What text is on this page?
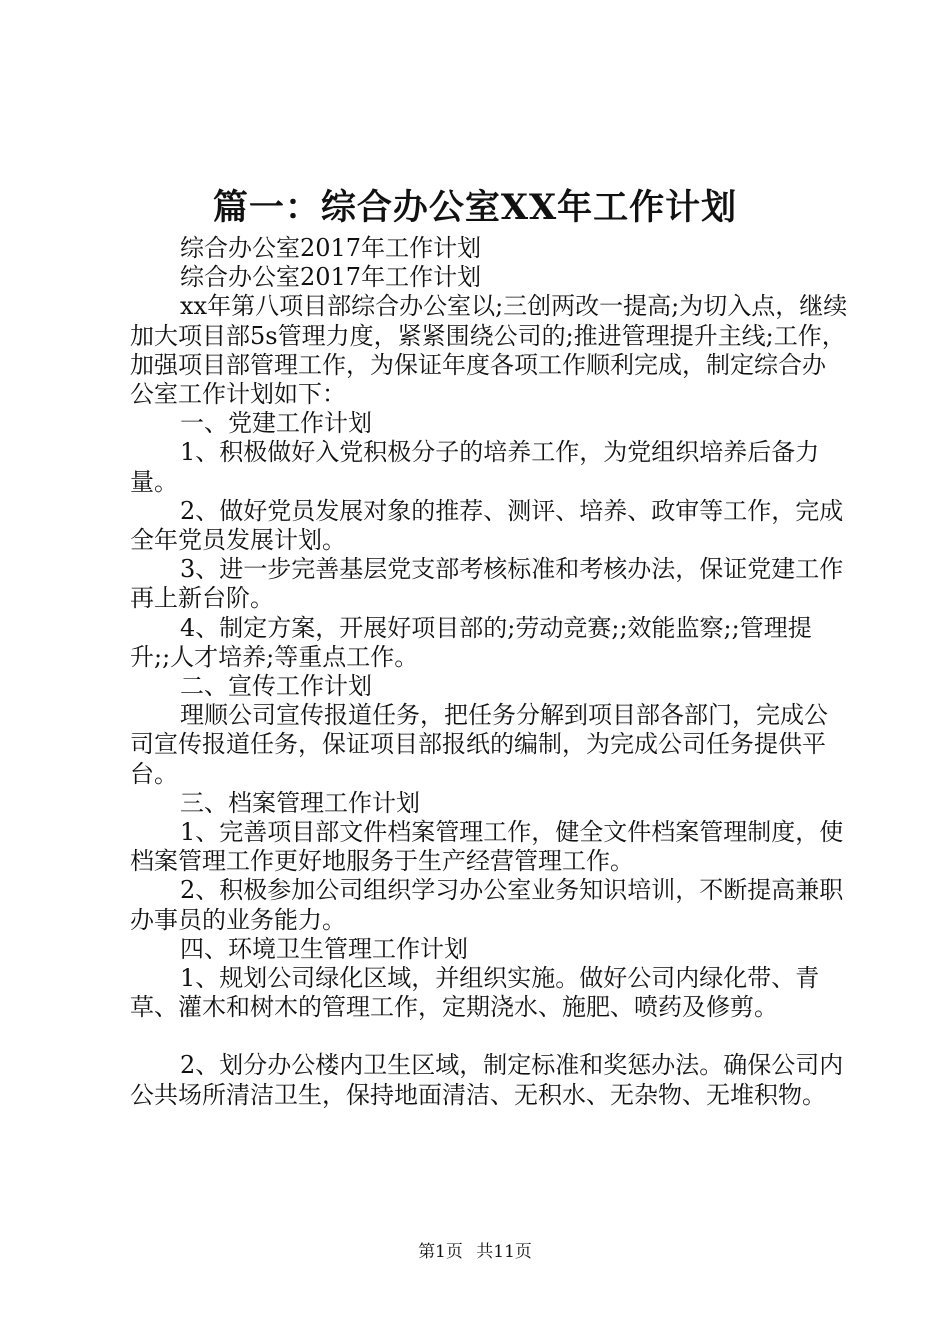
篇一：综合办公室XX年工作计划

综合办公室2017年工作计划

综合办公室2017年工作计划

xx年第八项目部综合办公室以;三创两改一提高;为切入点，继续加大项目部5s管理力度，紧紧围绕公司的;推进管理提升主线;工作，加强项目部管理工作，为保证年度各项工作顺利完成，制定综合办公室工作计划如下：

一、党建工作计划

1、积极做好入党积极分子的培养工作，为党组织培养后备力量。

2、做好党员发展对象的推荐、测评、培养、政审等工作，完成全年党员发展计划。

3、进一步完善基层党支部考核标准和考核办法，保证党建工作再上新台阶。

4、制定方案，开展好项目部的;劳动竞赛;;效能监察;;管理提升;;人才培养;等重点工作。

二、宣传工作计划

理顺公司宣传报道任务，把任务分解到项目部各部门，完成公司宣传报道任务，保证项目部报纸的编制，为完成公司任务提供平台。

三、档案管理工作计划

1、完善项目部文件档案管理工作，健全文件档案管理制度，使档案管理工作更好地服务于生产经营管理工作。

2、积极参加公司组织学习办公室业务知识培训，不断提高兼职办事员的业务能力。

四、环境卫生管理工作计划

1、规划公司绿化区域，并组织实施。做好公司内绿化带、青草、灌木和树木的管理工作，定期浇水、施肥、喷药及修剪。

2、划分办公楼内卫生区域，制定标准和奖惩办法。确保公司内公共场所清洁卫生，保持地面清洁、无积水、无杂物、无堆积物。

第1页 共11页
